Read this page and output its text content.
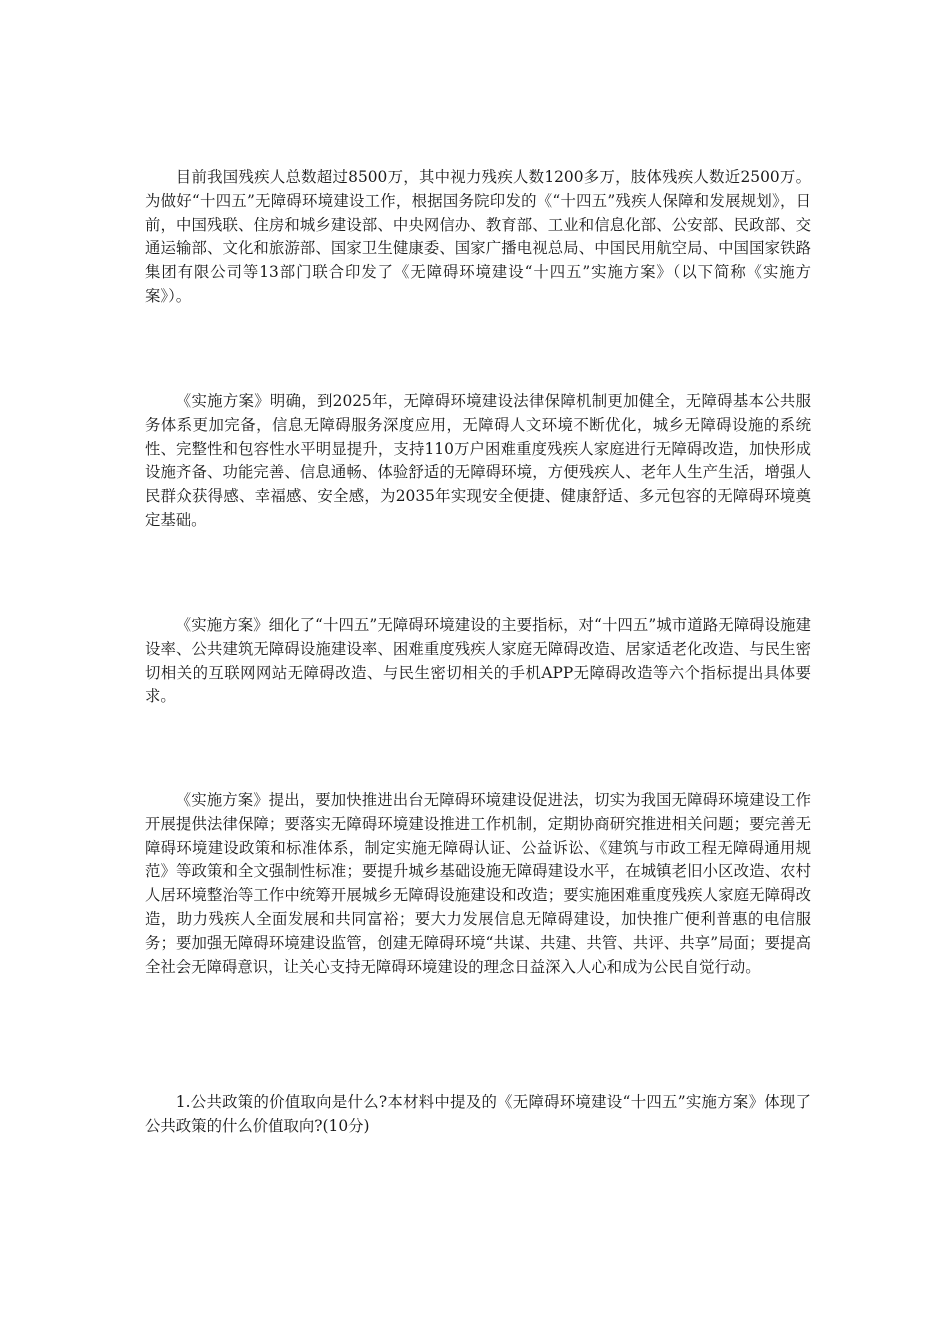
目前我国残疾人总数超过8500万，其中视力残疾人数1200多万，肢体残疾人数近2500万。为做好“十四五”无障碍环境建设工作，根据国务院印发的《“十四五”残疾人保障和发展规划》，日前，中国残联、住房和城乡建设部、中央网信办、教育部、工业和信息化部、公安部、民政部、交通运输部、文化和旅游部、国家卫生健康委、国家广播电视总局、中国民用航空局、中国国家铁路集团有限公司等13部门联合印发了《无障碍环境建设“十四五”实施方案》（以下简称《实施方案》）。

《实施方案》明确，到2025年，无障碍环境建设法律保障机制更加健全，无障碍基本公共服务体系更加完备，信息无障碍服务深度应用，无障碍人文环境不断优化，城乡无障碍设施的系统性、完整性和包容性水平明显提升，支持110万户困难重度残疾人家庭进行无障碍改造，加快形成设施齐备、功能完善、信息通畅、体验舒适的无障碍环境，方便残疾人、老年人生产生活，增强人民群众获得感、幸福感、安全感，为2035年实现安全便捷、健康舒适、多元包容的无障碍环境奠定基础。

《实施方案》细化了“十四五”无障碍环境建设的主要指标，对“十四五”城市道路无障碍设施建设率、公共建筑无障碍设施建设率、困难重度残疾人家庭无障碍改造、居家适老化改造、与民生密切相关的互联网网站无障碍改造、与民生密切相关的手机APP无障碍改造等六个指标提出具体要求。

《实施方案》提出，要加快推进出台无障碍环境建设促进法，切实为我国无障碍环境建设工作开展提供法律保障；要落实无障碍环境建设推进工作机制，定期协商研究推进相关问题；要完善无障碍环境建设政策和标准体系，制定实施无障碍认证、公益诉讼、《建筑与市政工程无障碍通用规范》等政策和全文强制性标准；要提升城乡基础设施无障碍建设水平，在城镇老旧小区改造、农村人居环境整治等工作中统筹开展城乡无障碍设施建设和改造；要实施困难重度残疾人家庭无障碍改造，助力残疾人全面发展和共同富裕；要大力发展信息无障碍建设，加快推广便利普惠的电信服务；要加强无障碍环境建设监管，创建无障碍环境“共谋、共建、共管、共评、共享”局面；要提高全社会无障碍意识，让关心支持无障碍环境建设的理念日益深入人心和成为公民自觉行动。

1.公共政策的价值取向是什么?本材料中提及的《无障碍环境建设“十四五”实施方案》体现了公共政策的什么价值取向?(10分)
